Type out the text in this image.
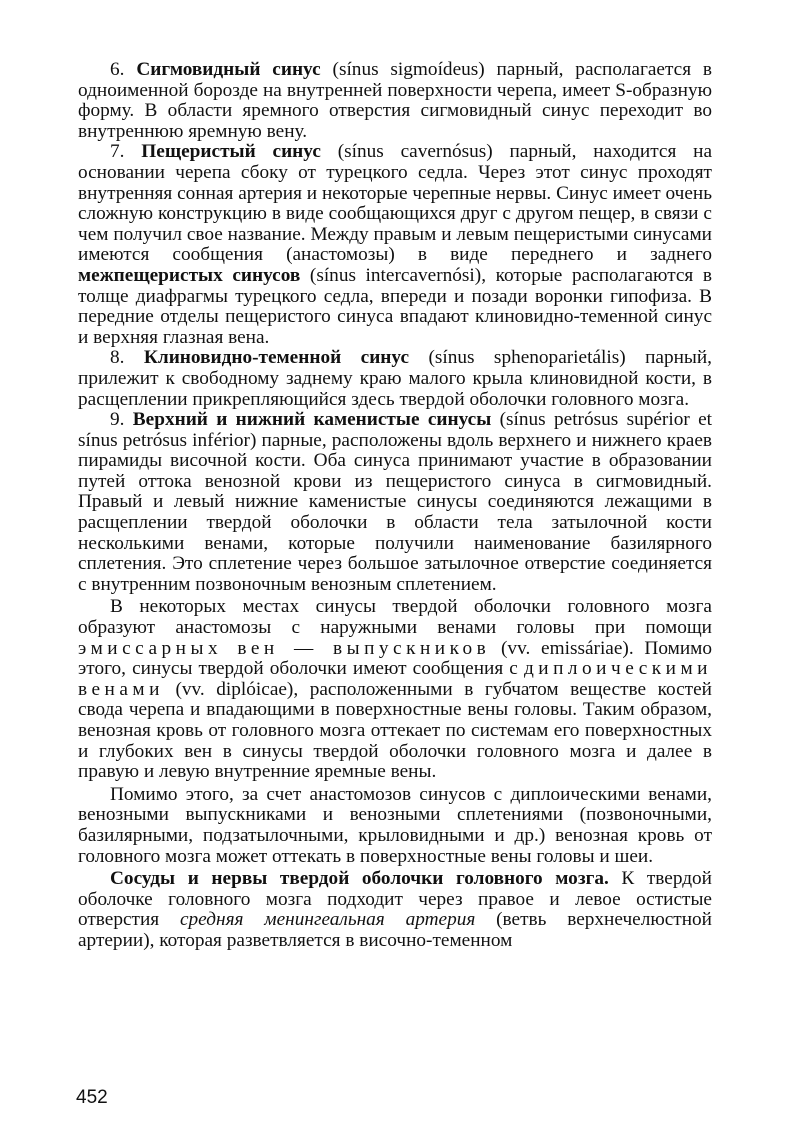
6. Сигмовидный синус (sínus sigmoídeus) парный, располагается в одноименной борозде на внутренней поверхности черепа, имеет S-образную форму. В области яремного отверстия сигмовидный синус переходит во внутреннюю яремную вену.

7. Пещеристый синус (sínus cavernósus) парный, находится на основании черепа сбоку от турецкого седла. Через этот синус проходят внутренняя сонная артерия и некоторые черепные нервы. Синус имеет очень сложную конструкцию в виде сообщающихся друг с другом пещер, в связи с чем получил свое название. Между правым и левым пещеристыми синусами имеются сообщения (анастомозы) в виде переднего и заднего межпещеристых синусов (sínus intercavernósi), которые располагаются в толще диафрагмы турецкого седла, впереди и позади воронки гипофиза. В передние отделы пещеристого синуса впадают клиновидно-теменной синус и верхняя глазная вена.

8. Клиновидно-теменной синус (sínus sphenoparietális) парный, прилежит к свободному заднему краю малого крыла клиновидной кости, в расщеплении прикрепляющийся здесь твердой оболочки головного мозга.

9. Верхний и нижний каменистые синусы (sínus petrósus supérior et sínus petrósus inférior) парные, расположены вдоль верхнего и нижнего краев пирамиды височной кости. Оба синуса принимают участие в образовании путей оттока венозной крови из пещеристого синуса в сигмовидный. Правый и левый нижние каменистые синусы соединяются лежащими в расщеплении твердой оболочки в области тела затылочной кости несколькими венами, которые получили наименование базилярного сплетения. Это сплетение через большое затылочное отверстие соединяется с внутренним позвоночным венозным сплетением.

В некоторых местах синусы твердой оболочки головного мозга образуют анастомозы с наружными венами головы при помощи эмиссарных вен — выпускников (vv. emissáriae). Помимо этого, синусы твердой оболочки имеют сообщения с диплоическими венами (vv. diplóicae), расположенными в губчатом веществе костей свода черепа и впадающими в поверхностные вены головы. Таким образом, венозная кровь от головного мозга оттекает по системам его поверхностных и глубоких вен в синусы твердой оболочки головного мозга и далее в правую и левую внутренние яремные вены.

Помимо этого, за счет анастомозов синусов с диплоическими венами, венозными выпускниками и венозными сплетениями (позвоночными, базилярными, подзатылочными, крыловидными и др.) венозная кровь от головного мозга может оттекать в поверхностные вены головы и шеи.

Сосуды и нервы твердой оболочки головного мозга. К твердой оболочке головного мозга подходит через правое и левое остистые отверстия средняя менингеальная артерия (ветвь верхнечелюстной артерии), которая разветвляется в височно-теменном

452
